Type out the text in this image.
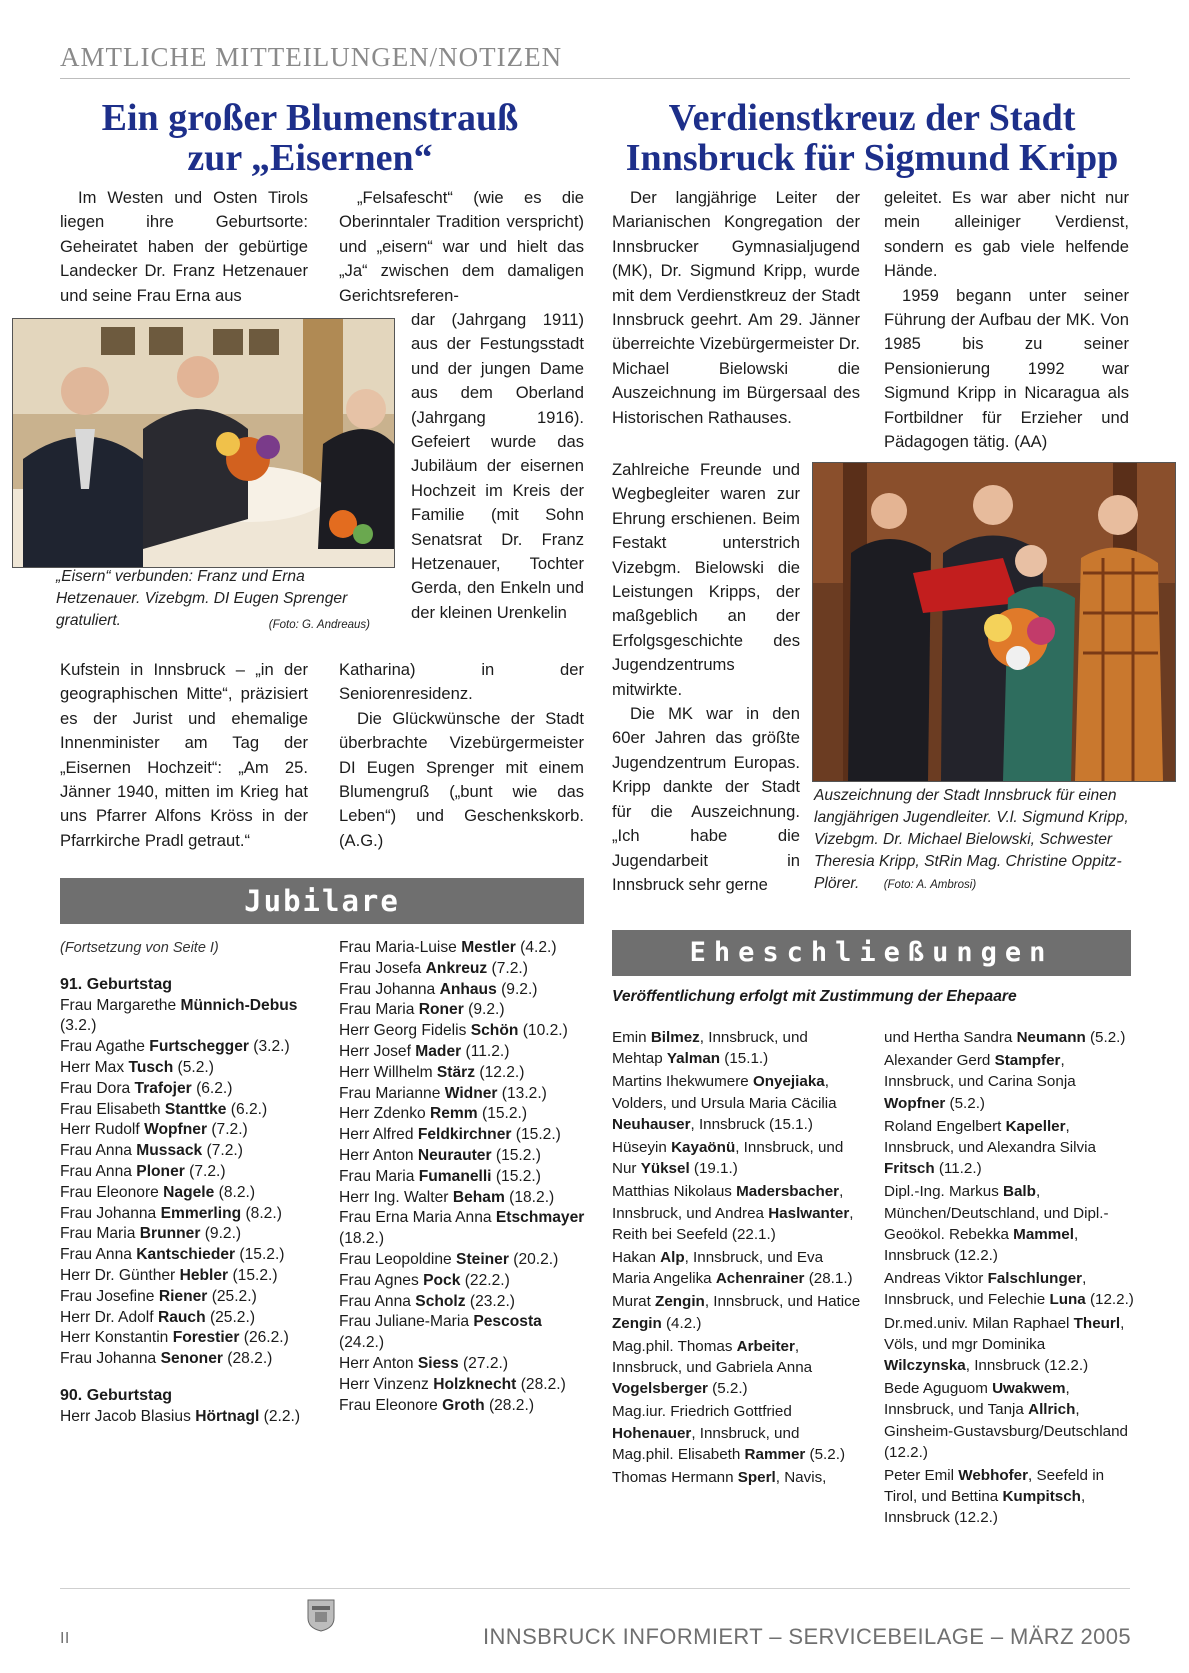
AMTLICHE MITTEILUNGEN/NOTIZEN
Ein großer Blumenstrauß
zur „Eisernen“

Im Westen und Osten Tirols liegen ihre Geburtsorte: Geheiratet haben der gebürtige Landecker Dr. Franz Hetzenauer und seine Frau Erna aus

„Eisern“ verbunden: Franz und Erna Hetzenauer. Vizebgm. DI Eugen Sprenger gratuliert.	(Foto: G. Andreaus)

Kufstein in Innsbruck – „in der geographischen Mitte“, präzisiert es der Jurist und ehemalige Innenminister am Tag der „Eisernen Hochzeit“: „Am 25. Jänner 1940, mitten im Krieg hat uns Pfarrer Alfons Kröss in der Pfarrkirche Pradl getraut.“

„Felsafescht“ (wie es die Oberinntaler Tradition verspricht) und „eisern“ war und hielt das „Ja“ zwischen dem damaligen Gerichtsreferen-

dar (Jahrgang 1911) aus der Festungsstadt und der jungen Dame aus dem Oberland (Jahrgang 1916). Gefeiert wurde das Jubiläum der eisernen Hochzeit im Kreis der Familie (mit Sohn Senatsrat Dr. Franz Hetzenauer, Tochter Gerda, den Enkeln und der kleinen Urenkelin

Katharina) in der Seniorenresidenz.

Die Glückwünsche der Stadt überbrachte Vizebürgermeister DI Eugen Sprenger mit einem Blumengruß („bunt wie das Leben“) und Geschenkskorb. (A.G.)

Verdienstkreuz der Stadt
Innsbruck für Sigmund Kripp

Der langjährige Leiter der Marianischen Kongregation der Innsbrucker Gymnasialjugend (MK), Dr. Sigmund Kripp, wurde mit dem Verdienstkreuz der Stadt Innsbruck geehrt. Am 29. Jänner überreichte Vizebürgermeister Dr. Michael Bielowski die Auszeichnung im Bürgersaal des Historischen Rathauses.

Zahlreiche Freunde und Wegbegleiter waren zur Ehrung erschienen. Beim Festakt unterstrich Vizebgm. Bielowski die Leistungen Kripps, der maßgeblich an der Erfolgsgeschichte des Jugendzentrums mitwirkte.

Die MK war in den 60er Jahren das größte Jugendzentrum Europas. Kripp dankte der Stadt für die Auszeichnung. „Ich habe die Jugendarbeit in Innsbruck sehr gerne

geleitet. Es war aber nicht nur mein alleiniger Verdienst, sondern es gab viele helfende Hände.

1959 begann unter seiner Führung der Aufbau der MK. Von 1985 bis zu seiner Pensionierung 1992 war Sigmund Kripp in Nicaragua als Fortbildner für Erzieher und Pädagogen tätig. (AA)

Auszeichnung der Stadt Innsbruck für einen langjährigen Jugendleiter. V.l. Sigmund Kripp, Vizebgm. Dr. Michael Bielowski, Schwester Theresia Kripp, StRin Mag. Christine Oppitz-Plörer. (Foto: A. Ambrosi)
Jubilare

(Fortsetzung von Seite I)

91. Geburtstag

Frau Margarethe Münnich-Debus (3.2.)

Frau Agathe Furtschegger (3.2.)

Herr Max Tusch (5.2.)

Frau Dora Trafojer (6.2.)

Frau Elisabeth Stanttke (6.2.)

Herr Rudolf Wopfner (7.2.)

Frau Anna Mussack (7.2.)

Frau Anna Ploner (7.2.)

Frau Eleonore Nagele (8.2.)

Frau Johanna Emmerling (8.2.)

Frau Maria Brunner (9.2.)

Frau Anna Kantschieder (15.2.)

Herr Dr. Günther Hebler (15.2.)

Frau Josefine Riener (25.2.)

Herr Dr. Adolf Rauch (25.2.)

Herr Konstantin Forestier (26.2.)

Frau Johanna Senoner (28.2.)

90. Geburtstag

Herr Jacob Blasius Hörtnagl (2.2.)

Frau Maria-Luise Mestler (4.2.)

Frau Josefa Ankreuz (7.2.)

Frau Johanna Anhaus (9.2.)

Frau Maria Roner (9.2.)

Herr Georg Fidelis Schön (10.2.)

Herr Josef Mader (11.2.)

Herr Willhelm Stärz (12.2.)

Frau Marianne Widner (13.2.)

Herr Zdenko Remm (15.2.)

Herr Alfred Feldkirchner (15.2.)

Herr Anton Neurauter (15.2.)

Frau Maria Fumanelli (15.2.)

Herr Ing. Walter Beham (18.2.)

Frau Erna Maria Anna Etschmayer (18.2.)

Frau Leopoldine Steiner (20.2.)

Frau Agnes Pock (22.2.)

Frau Anna Scholz (23.2.)

Frau Juliane-Maria Pescosta (24.2.)

Herr Anton Siess (27.2.)

Herr Vinzenz Holzknecht (28.2.)

Frau Eleonore Groth (28.2.)

Eheschließungen
Veröffentlichung erfolgt mit Zustimmung der Ehepaare

Emin Bilmez, Innsbruck, und Mehtap Yalman (15.1.)

Martins Ihekwumere Onyejiaka, Volders, und Ursula Maria Cäcilia Neuhauser, Innsbruck (15.1.)

Hüseyin Kayaönü, Innsbruck, und Nur Yüksel (19.1.)

Matthias Nikolaus Madersbacher, Innsbruck, und Andrea Haslwanter, Reith bei Seefeld (22.1.)

Hakan Alp, Innsbruck, und Eva Maria Angelika Achenrainer (28.1.)

Murat Zengin, Innsbruck, und Hatice Zengin (4.2.)

Mag.phil. Thomas Arbeiter, Innsbruck, und Gabriela Anna Vogelsberger (5.2.)

Mag.iur. Friedrich Gottfried Hohenauer, Innsbruck, und Mag.phil. Elisabeth Rammer (5.2.)

Thomas Hermann Sperl, Navis,

und Hertha Sandra Neumann (5.2.)

Alexander Gerd Stampfer, Innsbruck, und Carina Sonja Wopfner (5.2.)

Roland Engelbert Kapeller, Innsbruck, und Alexandra Silvia Fritsch (11.2.)

Dipl.-Ing. Markus Balb, München/Deutschland, und Dipl.-Geoökol. Rebekka Mammel, Innsbruck (12.2.)

Andreas Viktor Falschlunger, Innsbruck, und Felechie Luna (12.2.)

Dr.med.univ. Milan Raphael Theurl, Völs, und mgr Dominika Wilczynska, Innsbruck (12.2.)

Bede Aguguom Uwakwem, Innsbruck, und Tanja Allrich, Ginsheim-Gustavsburg/Deutschland (12.2.)

Peter Emil Webhofer, Seefeld in Tirol, und Bettina Kumpitsch, Innsbruck (12.2.)

II	INNSBRUCK INFORMIERT – SERVICEBEILAGE – MÄRZ 2005
